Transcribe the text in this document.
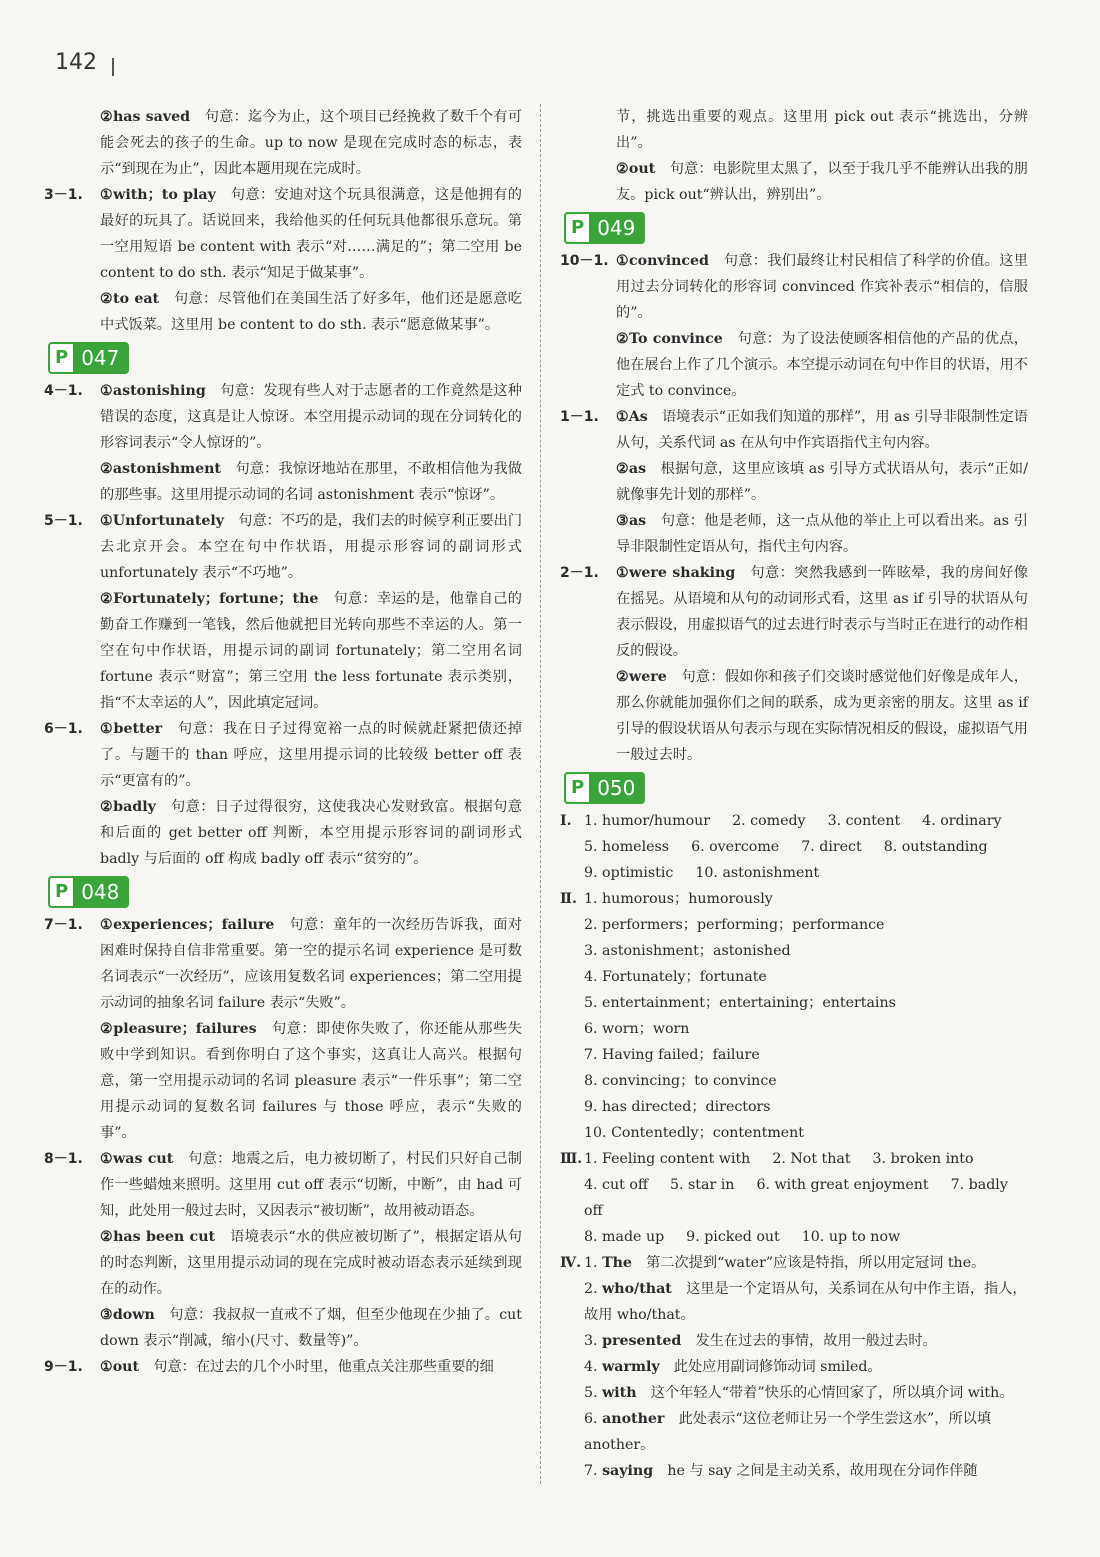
142

②has saved　 句意：迄今为止，这个项目已经挽救了数千个有可能会死去的孩子的生命。up to now 是现在完成时态的标志，表示“到现在为止”，因此本题用现在完成时。

3－1.	①with；to play　 句意：安迪对这个玩具很满意，这是他拥有的最好的玩具了。话说回来，我给他买的任何玩具他都很乐意玩。第一空用短语 be content with 表示“对……满足的”；第二空用 be content to do sth. 表示“知足于做某事”。

②to eat　 句意：尽管他们在美国生活了好多年，他们还是愿意吃中式饭菜。这里用 be content to do sth. 表示“愿意做某事”。

P 047
4－1.	①astonishing　 句意：发现有些人对于志愿者的工作竟然是这种错误的态度，这真是让人惊讶。本空用提示动词的现在分词转化的形容词表示“令人惊讶的”。

②astonishment　 句意：我惊讶地站在那里，不敢相信他为我做的那些事。这里用提示动词的名词 astonishment 表示“惊讶”。

5－1.	①Unfortunately　 句意：不巧的是，我们去的时候亨利正要出门去北京开会。本空在句中作状语，用提示形容词的副词形式 unfortunately 表示“不巧地”。

②Fortunately；fortune；the　 句意：幸运的是，他靠自己的勤奋工作赚到一笔钱，然后他就把目光转向那些不幸运的人。第一空在句中作状语，用提示词的副词 fortunately；第二空用名词 fortune 表示“财富”；第三空用 the less fortunate 表示类别，指“不太幸运的人”，因此填定冠词。

6－1.	①better　 句意：我在日子过得宽裕一点的时候就赶紧把债还掉了。与题干的 than 呼应，这里用提示词的比较级 better off 表示“更富有的”。

②badly　 句意：日子过得很穷，这使我决心发财致富。根据句意和后面的 get better off 判断，本空用提示形容词的副词形式 badly 与后面的 off 构成 badly off 表示“贫穷的”。

P 048
7－1.	①experiences；failure　 句意：童年的一次经历告诉我，面对困难时保持自信非常重要。第一空的提示名词 experience 是可数名词表示“一次经历”，应该用复数名词 experiences；第二空用提示动词的抽象名词 failure 表示“失败”。

②pleasure；failures　 句意：即使你失败了，你还能从那些失败中学到知识。看到你明白了这个事实，这真让人高兴。根据句意，第一空用提示动词的名词 pleasure 表示“一件乐事”；第二空用提示动词的复数名词 failures 与 those 呼应，表示“失败的事”。

8－1.	①was cut　 句意：地震之后，电力被切断了，村民们只好自己制作一些蜡烛来照明。这里用 cut off 表示“切断，中断”，由 had 可知，此处用一般过去时，又因表示“被切断”，故用被动语态。

②has been cut　 语境表示“水的供应被切断了”，根据定语从句的时态判断，这里用提示动词的现在完成时被动语态表示延续到现在的动作。

③down　 句意：我叔叔一直戒不了烟，但至少他现在少抽了。cut down 表示“削减，缩小(尺寸、数量等)”。

9－1.	①out　 句意：在过去的几个小时里，他重点关注那些重要的细

节，挑选出重要的观点。这里用 pick out 表示“挑选出，分辨出”。

②out　 句意：电影院里太黑了，以至于我几乎不能辨认出我的朋友。pick out“辨认出，辨别出”。

P 049
10－1. ①convinced　 句意：我们最终让村民相信了科学的价值。这里用过去分词转化的形容词 convinced 作宾补表示“相信的，信服的”。

②To convince　 句意：为了设法使顾客相信他的产品的优点，他在展台上作了几个演示。本空提示动词在句中作目的状语，用不定式 to convince。

1－1.	①As　 语境表示“正如我们知道的那样”，用 as 引导非限制性定语从句，关系代词 as 在从句中作宾语指代主句内容。

②as　 根据句意，这里应该填 as 引导方式状语从句，表示“正如/就像事先计划的那样”。

③as　 句意：他是老师，这一点从他的举止上可以看出来。as 引导非限制性定语从句，指代主句内容。

2－1.	①were shaking　 句意：突然我感到一阵眩晕，我的房间好像在摇晃。从语境和从句的动词形式看，这里 as if 引导的状语从句表示假设，用虚拟语气的过去进行时表示与当时正在进行的动作相反的假设。

②were　 句意：假如你和孩子们交谈时感觉他们好像是成年人，那么你就能加强你们之间的联系，成为更亲密的朋友。这里 as if 引导的假设状语从句表示与现在实际情况相反的假设，虚拟语气用一般过去时。

P 050
Ⅰ. 1. humor/humour 2. comedy 3. content 4. ordinary
5. homeless 6. overcome 7. direct 8. outstanding
9. optimistic 10. astonishment
Ⅱ. 1. humorous；humorously
2. performers；performing；performance
3. astonishment；astonished
4. Fortunately；fortunate
5. entertainment；entertaining；entertains
6. worn；worn
7. Having failed；failure
8. convincing；to convince
9. has directed；directors
10. Contentedly；contentment
Ⅲ. 1. Feeling content with 2. Not that 3. broken into
4. cut off 5. star in 6. with great enjoyment 7. badly off
8. made up 9. picked out 10. up to now
Ⅳ. 1. The　 第二次提到“water”应该是特指，所以用定冠词 the。
2. who/that　 这里是一个定语从句，关系词在从句中作主语，指人，故用 who/that。
3. presented　 发生在过去的事情，故用一般过去时。
4. warmly　 此处应用副词修饰动词 smiled。
5. with　 这个年轻人“带着”快乐的心情回家了，所以填介词 with。
6. another　 此处表示“这位老师让另一个学生尝这水”，所以填 another。
7. saying　 he 与 say 之间是主动关系，故用现在分词作伴随
